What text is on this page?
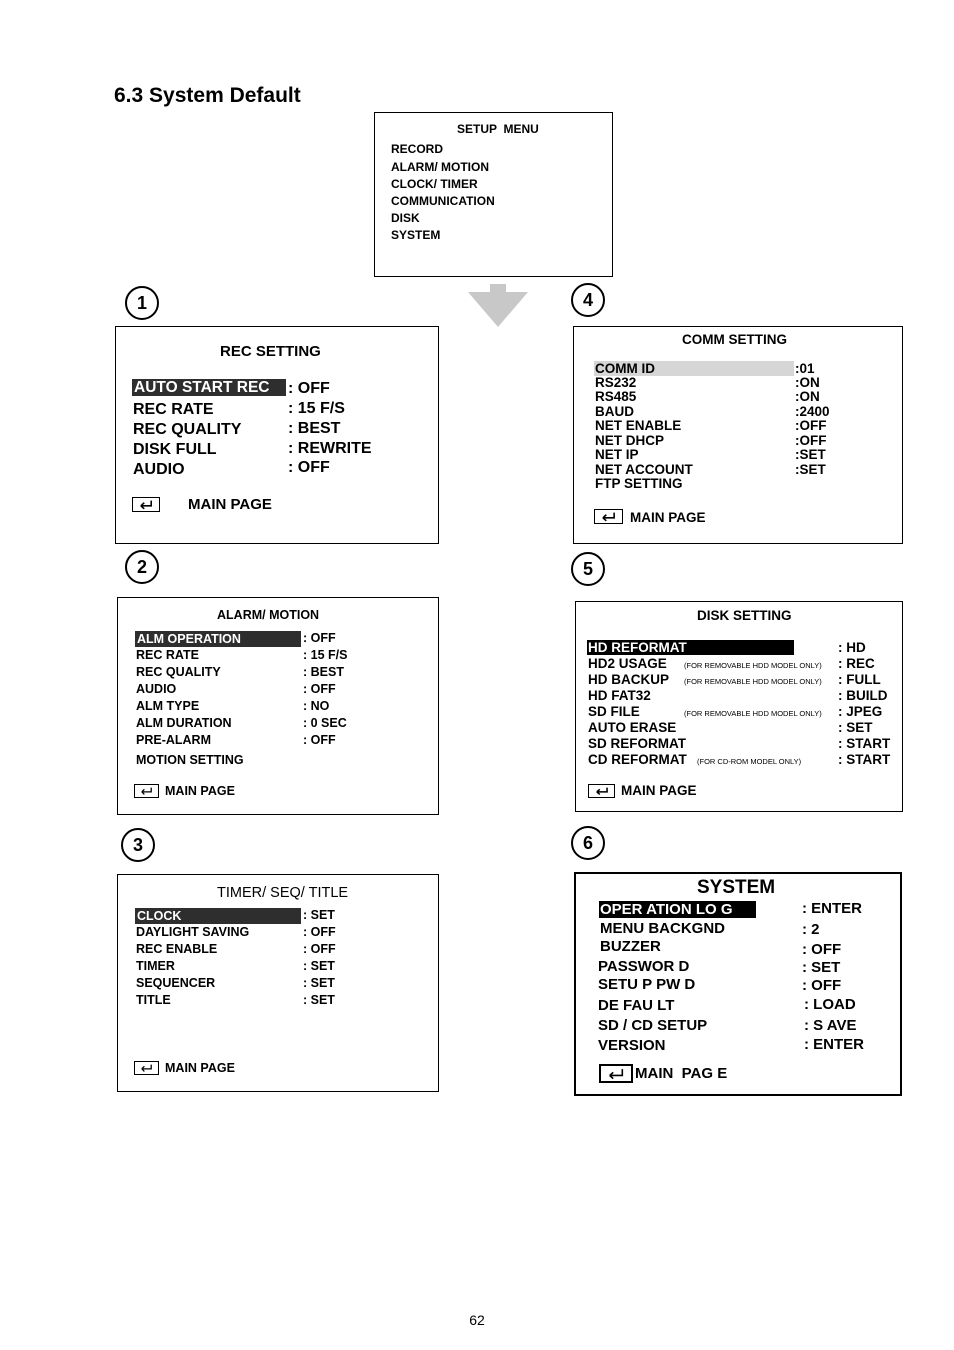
6.3 System Default
SETUP  MENU
RECORD
ALARM/ MOTION
CLOCK/ TIMER
COMMUNICATION
DISK
SYSTEM
1	4
2	5
3	6
REC SETTING
AUTO START REC	: OFF
REC RATE	: 15 F/S
REC QUALITY	: BEST
DISK FULL	: REWRITE
AUDIO	: OFF
MAIN PAGE
ALARM/ MOTION
ALM OPERATION	: OFF
REC RATE	: 15 F/S
REC QUALITY	: BEST
AUDIO	: OFF
ALM TYPE	: NO
ALM DURATION	: 0 SEC
PRE-ALARM	: OFF
MOTION SETTING
MAIN PAGE
TIMER/ SEQ/ TITLE
CLOCK	: SET
DAYLIGHT SAVING	: OFF
REC ENABLE	: OFF
TIMER	: SET
SEQUENCER	: SET
TITLE	: SET
MAIN PAGE
COMM SETTING
COMM ID	:01
RS232	:ON
RS485	:ON
BAUD	:2400
NET ENABLE	:OFF
NET DHCP	:OFF
NET IP	:SET
NET ACCOUNT	:SET
FTP SETTING
MAIN PAGE
DISK SETTING
HD REFORMAT	: HD
HD2 USAGE (FOR REMOVABLE HDD MODEL ONLY) : REC
HD BACKUP (FOR REMOVABLE HDD MODEL ONLY) : FULL
HD FAT32	: BUILD
SD FILE	(FOR REMOVABLE HDD MODEL ONLY) : JPEG
AUTO ERASE	: SET
SD REFORMAT	: START
CD REFORMAT (FOR CD-ROM MODEL ONLY)	: START
MAIN PAGE
SYSTEM
OPER ATION LO G	: ENTER
MENU BACKGND	: 2
BUZZER	: OFF
PASSWOR D	: SET
SETU P PW D	: OFF
DE FAU LT	: LOAD
SD / CD SETUP	: S AVE
VERSION	: ENTER
MAIN  PAG E
62
